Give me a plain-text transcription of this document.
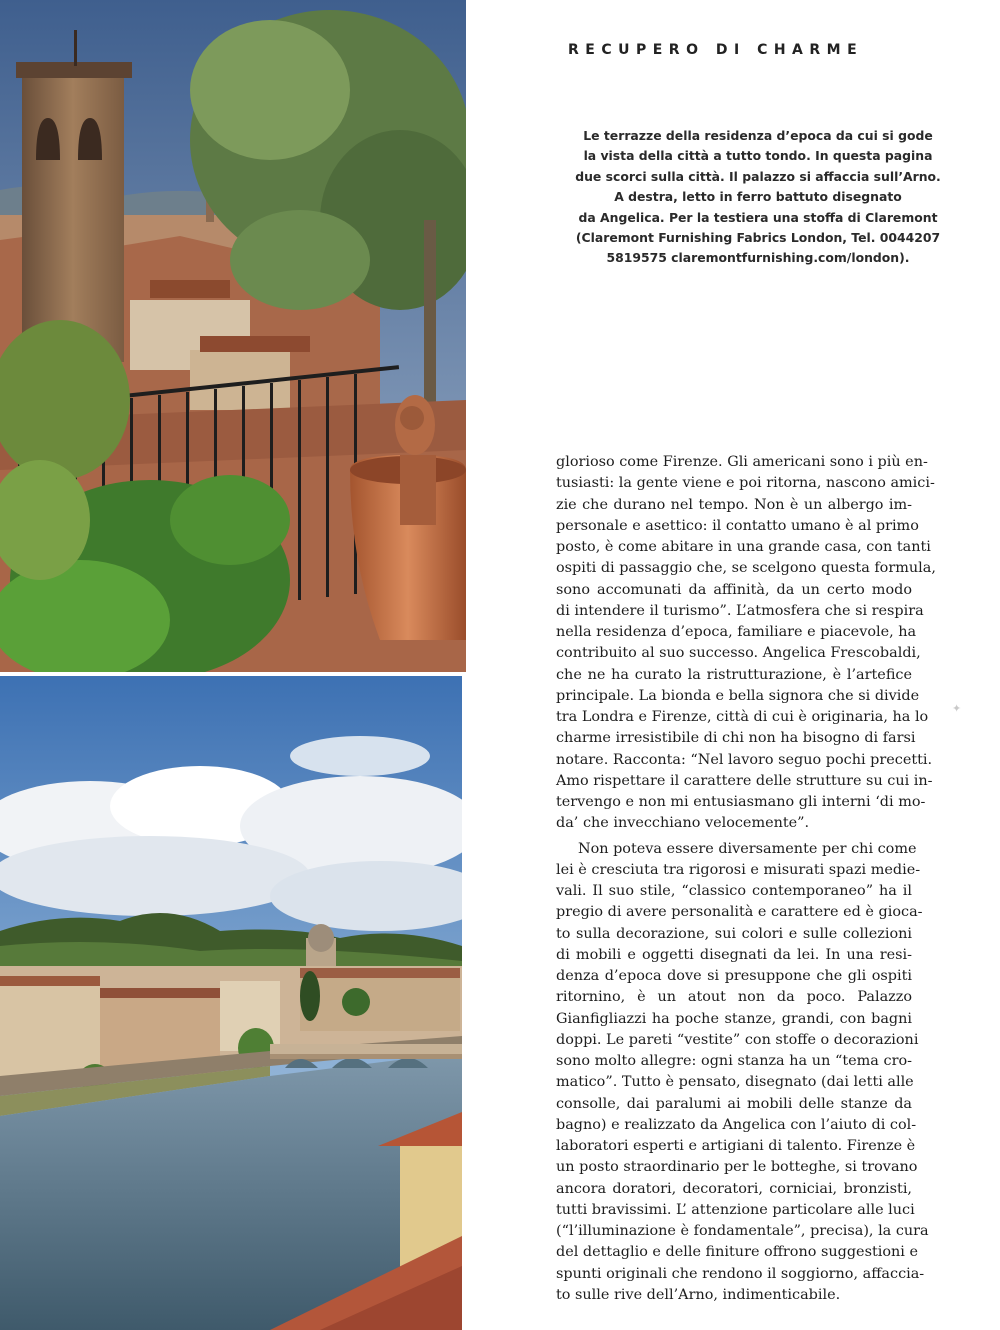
RECUPERO DI CHARME
Le terrazze della residenza d’epoca da cui si gode
la vista della città a tutto tondo. In questa pagina
due scorci sulla città. Il palazzo si affaccia sull’Arno.
A destra, letto in ferro battuto disegnato
da Angelica. Per la testiera una stoffa di Claremont
(Claremont Furnishing Fabrics London, Tel. 0044207
5819575 claremontfurnishing.com/london).
glorioso come Firenze. Gli americani sono i più en-
tusiasti: la gente viene e poi ritorna, nascono amici-
zie che durano nel tempo. Non è un albergo im-
personale e asettico: il contatto umano è al primo
posto, è come abitare in una grande casa, con tanti
ospiti di passaggio che, se scelgono questa formula,
sono accomunati da affinità, da un certo modo
di intendere il turismo”. L’atmosfera che si respira
nella residenza d’epoca, familiare e piacevole, ha
contribuito al suo successo. Angelica Frescobaldi,
che ne ha curato la ristrutturazione, è l’artefice
principale. La bionda e bella signora che si divide
tra Londra e Firenze, città di cui è originaria, ha lo
charme irresistibile di chi non ha bisogno di farsi
notare. Racconta: “Nel lavoro seguo pochi precetti.
Amo rispettare il carattere delle strutture su cui in-
tervengo e non mi entusiasmano gli interni ‘di mo-
da’ che invecchiano velocemente”.
Non poteva essere diversamente per chi come
lei è cresciuta tra rigorosi e misurati spazi medie-
vali. Il suo stile, “classico contemporaneo” ha il
pregio di avere personalità e carattere ed è gioca-
to sulla decorazione, sui colori e sulle collezioni
di mobili e oggetti disegnati da lei. In una resi-
denza d’epoca dove si presuppone che gli ospiti
ritornino, è un atout non da poco. Palazzo
Gianfigliazzi ha poche stanze, grandi, con bagni
doppi. Le pareti “vestite” con stoffe o decorazioni
sono molto allegre: ogni stanza ha un “tema cro-
matico”. Tutto è pensato, disegnato (dai letti alle
consolle, dai paralumi ai mobili delle stanze da
bagno) e realizzato da Angelica con l’aiuto di col-
laboratori esperti e artigiani di talento. Firenze è
un posto straordinario per le botteghe, si trovano
ancora doratori, decoratori, corniciai, bronzisti,
tutti bravissimi. L’ attenzione particolare alle luci
(“l’illuminazione è fondamentale”, precisa), la cura
del dettaglio e delle finiture offrono suggestioni e
spunti originali che rendono il soggiorno, affaccia-
to sulle rive dell’Arno, indimenticabile.
✦
